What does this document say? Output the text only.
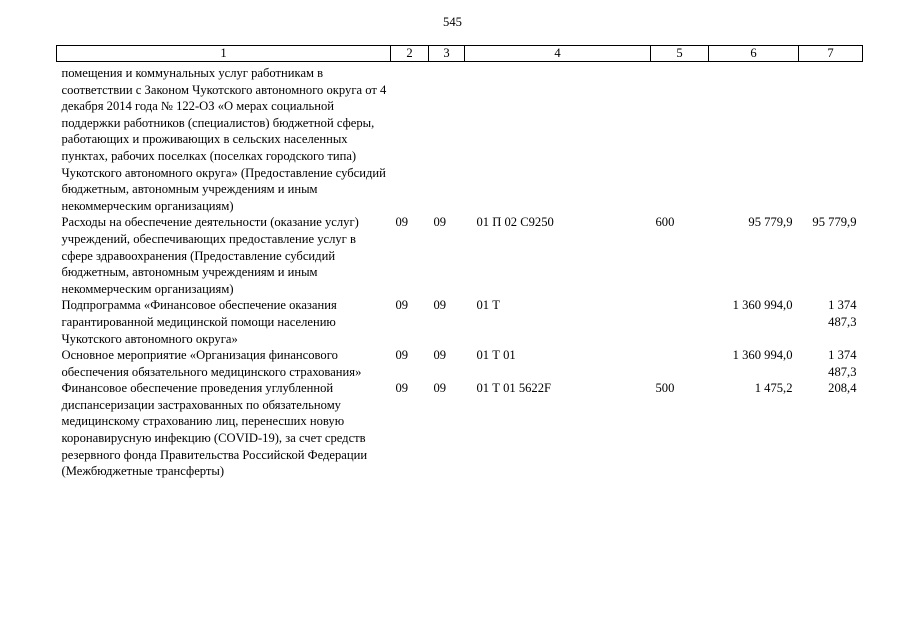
545
1	2	3	4	5	6	7
помещения и коммунальных услуг работникам в соответствии с Законом Чукотского автономного округа от 4 декабря 2014 года № 122-ОЗ «О мерах социальной поддержки работников (специалистов) бюджетной сферы, работающих и проживающих в сельских населенных пунктах, рабочих поселках (поселках городского типа) Чукотского автономного округа» (Предоставление субсидий бюджетным, автономным учреждениям и иным некоммерческим организациям)						
Расходы на обеспечение деятельности (оказание услуг) учреждений, обеспечивающих предоставление услуг в сфере здравоохранения (Предоставление субсидий бюджетным, автономным учреждениям и иным некоммерческим организациям)	09	09	01 П 02 С9250	600	95 779,9	95 779,9
Подпрограмма «Финансовое обеспечение оказания гарантированной медицинской помощи населению Чукотского автономного округа»	09	09	01 Т		1 360 994,0	1 374 487,3
Основное мероприятие «Организация финансового обеспечения обязательного медицинского страхования»	09	09	01 Т 01		1 360 994,0	1 374 487,3
Финансовое обеспечение проведения углубленной диспансеризации застрахованных по обязательному медицинскому страхованию лиц, перенесших новую коронавирусную инфекцию (COVID-19), за счет средств резервного фонда Правительства Российской Федерации (Межбюджетные трансферты)	09	09	01 Т 01 5622F	500	1 475,2	208,4
